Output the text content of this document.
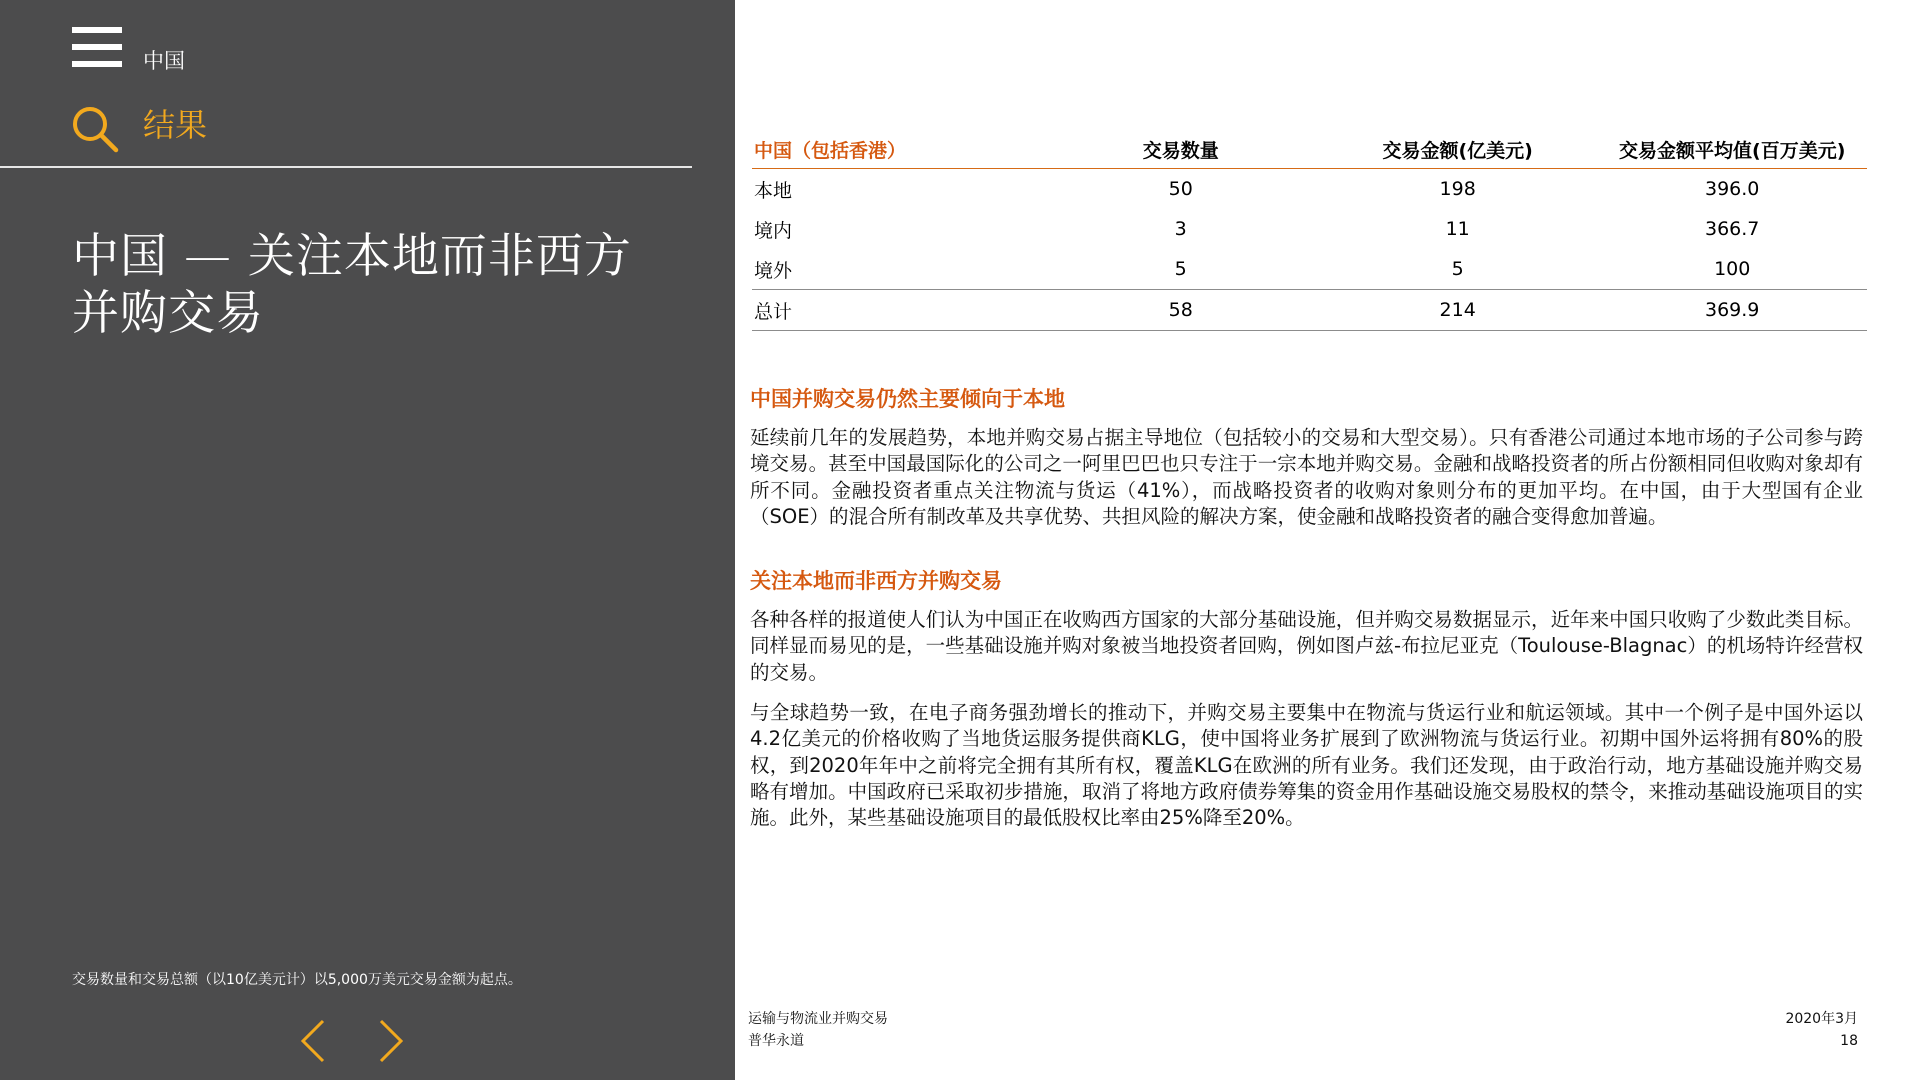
中国
结果
中国 — 关注本地而非西方
并购交易
交易数量和交易总额（以10亿美元计）以5,000万美元交易金额为起点。
中国（包括香港）	交易数量	交易金额(亿美元)	交易金额平均值(百万美元)
本地	50	198	396.0
境内	3	11	366.7
境外	5	5	100
总计	58	214	369.9
中国并购交易仍然主要倾向于本地

延续前几年的发展趋势，本地并购交易占据主导地位（包括较小的交易和大型交易）。只有香港公司通过本地市场的子公司参与跨境交易。甚至中国最国际化的公司之一阿里巴巴也只专注于一宗本地并购交易。金融和战略投资者的所占份额相同但收购对象却有所不同。金融投资者重点关注物流与货运（41%），而战略投资者的收购对象则分布的更加平均。在中国，由于大型国有企业（SOE）的混合所有制改革及共享优势、共担风险的解决方案，使金融和战略投资者的融合变得愈加普遍。

关注本地而非西方并购交易

各种各样的报道使人们认为中国正在收购西方国家的大部分基础设施，但并购交易数据显示，近年来中国只收购了少数此类目标。同样显而易见的是，一些基础设施并购对象被当地投资者回购，例如图卢兹-布拉尼亚克（Toulouse-Blagnac）的机场特许经营权的交易。

与全球趋势一致，在电子商务强劲增长的推动下，并购交易主要集中在物流与货运行业和航运领域。其中一个例子是中国外运以4.2亿美元的价格收购了当地货运服务提供商KLG，使中国将业务扩展到了欧洲物流与货运行业。初期中国外运将拥有80%的股权，到2020年年中之前将完全拥有其所有权，覆盖KLG在欧洲的所有业务。我们还发现，由于政治行动，地方基础设施并购交易略有增加。中国政府已采取初步措施，取消了将地方政府债券筹集的资金用作基础设施交易股权的禁令，来推动基础设施项目的实施。此外，某些基础设施项目的最低股权比率由25%降至20%。

运输与物流业并购交易
普华永道
2020年3月
18
